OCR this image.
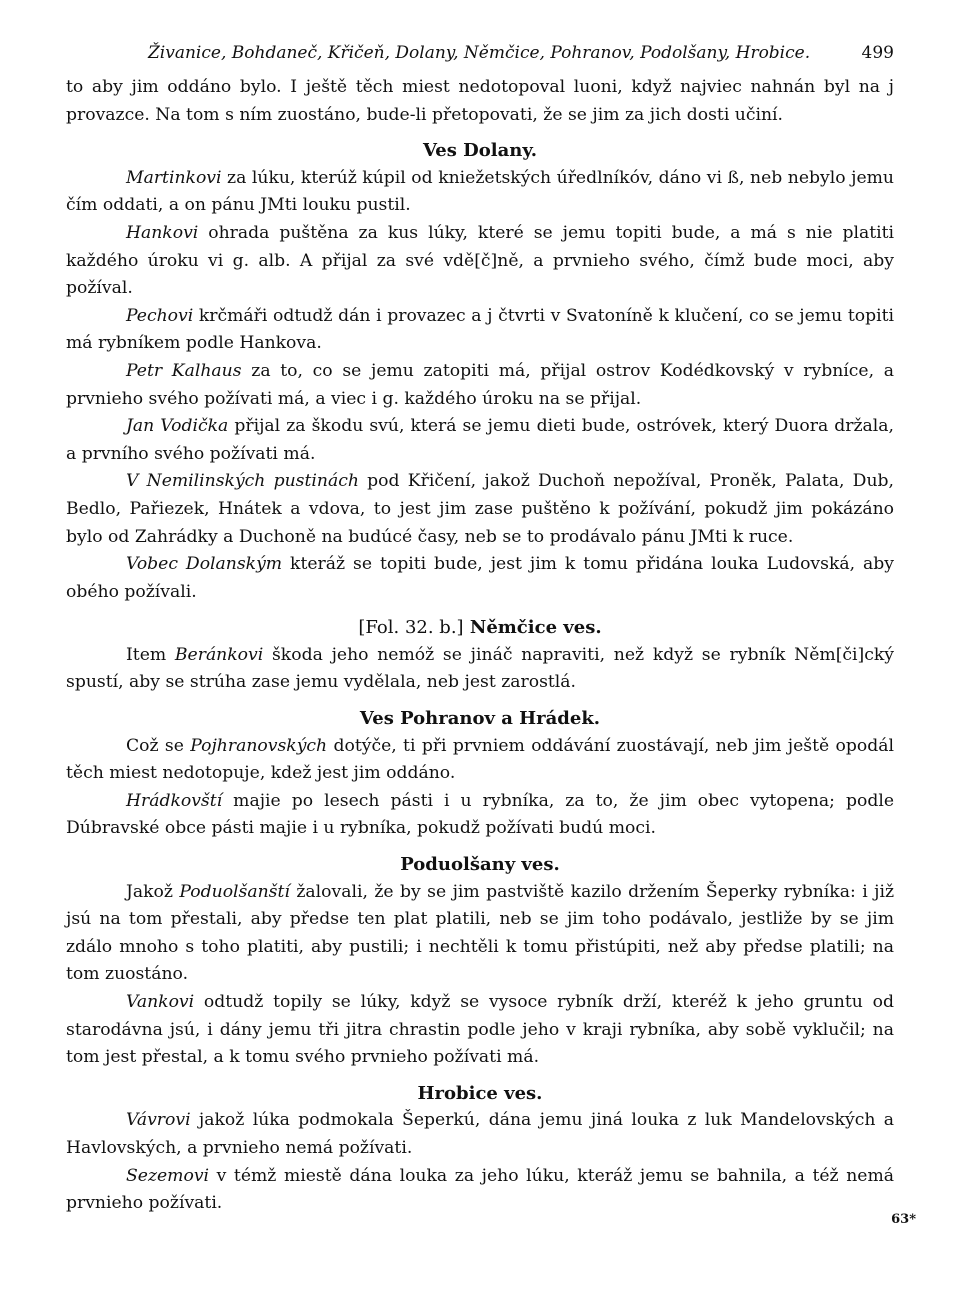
Živanice, Bohdaneč, Křičeň, Dolany, Němčice, Pohranov, Podolšany, Hrobice.	499

to aby jim oddáno bylo. I ještě těch miest nedotopoval luoni, když najviec nahnán byl na ȷ̇ provazce. Na tom s ním zuostáno, bude-li přetopovati, že se jim za jich dosti učiní.

Ves Dolany.

Martinkovi za lúku, kterúž kúpil od kniežetských úředlníkóv, dáno vi ß, neb nebylo jemu čím oddati, a on pánu JMti louku pustil.

Hankovi ohrada puštěna za kus lúky, které se jemu topiti bude, a má s nie platiti každého úroku vi g. alb. A přijal za své vdě[č]ně, a prvnieho svého, čímž bude moci, aby požíval.

Pechovi krčmáři odtudž dán i provazec a ȷ̇ čtvrti v Svatoníně k klučení, co se jemu topiti má rybníkem podle Hankova.

Petr Kalhaus za to, co se jemu zatopiti má, přijal ostrov Kodédkovský v rybníce, a prvnieho svého požívati má, a viec i g. každého úroku na se přijal.

Jan Vodička přijal za škodu svú, která se jemu dieti bude, ostróvek, který Duora držala, a prvního svého požívati má.

V Nemilinských pustinách pod Křičení, jakož Duchoň nepožíval, Proněk, Palata, Dub, Bedlo, Pařiezek, Hnátek a vdova, to jest jim zase puštěno k požívání, pokudž jim pokázáno bylo od Zahrádky a Duchoně na budúcé časy, neb se to prodávalo pánu JMti k ruce.

Vobec Dolanským kteráž se topiti bude, jest jim k tomu přidána louka Ludovská, aby obého požívali.

[Fol. 32. b.] Němčice ves.

Item Beránkovi škoda jeho nemóž se jináč napraviti, než když se rybník Něm[či]cký spustí, aby se strúha zase jemu vydělala, neb jest zarostlá.

Ves Pohranov a Hrádek.

Což se Pojhranovských dotýče, ti při prvniem oddávání zuostávají, neb jim ještě opodál těch miest nedotopuje, kdež jest jim oddáno.

Hrádkovští majie po lesech pásti i u rybníka, za to, že jim obec vytopena; podle Dúbravské obce pásti majie i u rybníka, pokudž požívati budú moci.

Poduolšany ves.

Jakož Poduolšanští žalovali, že by se jim pastviště kazilo držením Šeperky rybníka: i již jsú na tom přestali, aby předse ten plat platili, neb se jim toho podávalo, jestliže by se jim zdálo mnoho s toho platiti, aby pustili; i nechtěli k tomu přistúpiti, než aby předse platili; na tom zuostáno.

Vankovi odtudž topily se lúky, když se vysoce rybník drží, kteréž k jeho gruntu od starodávna jsú, i dány jemu tři jitra chrastin podle jeho v kraji rybníka, aby sobě vyklučil; na tom jest přestal, a k tomu svého prvnieho požívati má.

Hrobice ves.

Vávrovi jakož lúka podmokala Šeperkú, dána jemu jiná louka z luk Mandelovských a Havlovských, a prvnieho nemá požívati.

Sezemovi v témž miestě dána louka za jeho lúku, kteráž jemu se bahnila, a též nemá prvnieho požívati.

63*
